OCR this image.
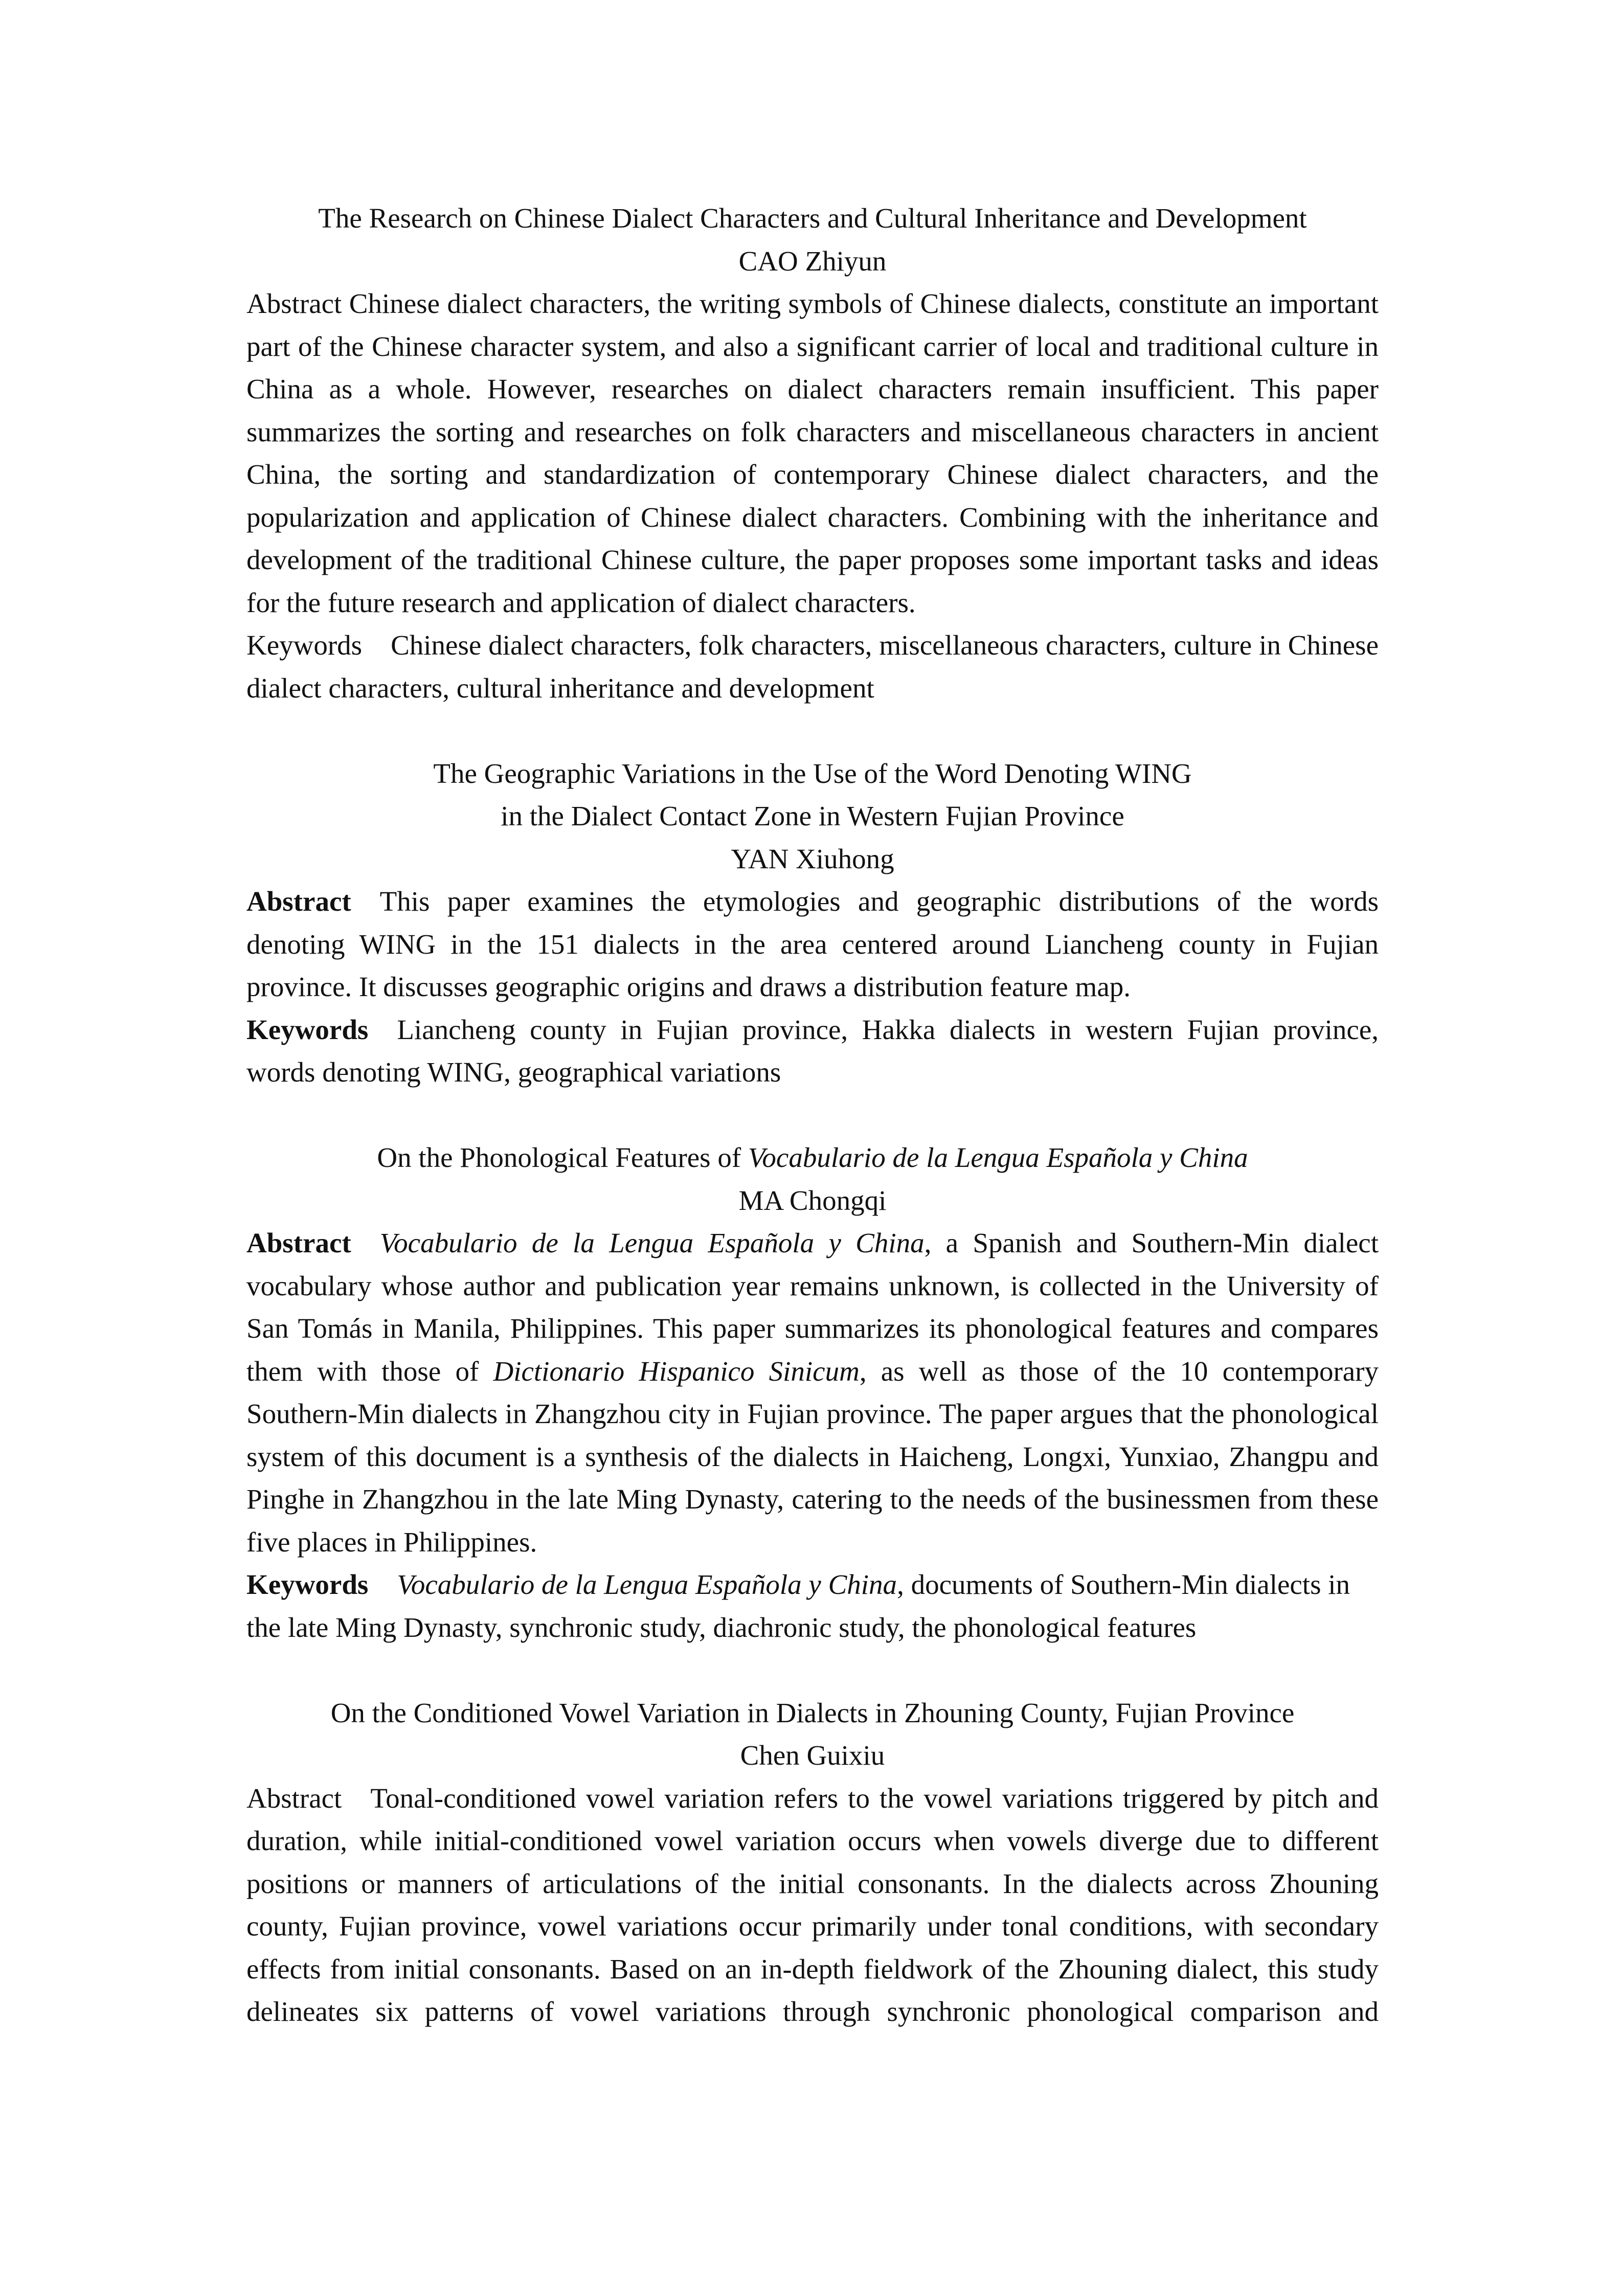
The Research on Chinese Dialect Characters and Cultural Inheritance and Development
CAO Zhiyun
Abstract Chinese dialect characters, the writing symbols of Chinese dialects, constitute an important part of the Chinese character system, and also a significant carrier of local and traditional culture in China as a whole. However, researches on dialect characters remain insufficient. This paper summarizes the sorting and researches on folk characters and miscellaneous characters in ancient China, the sorting and standardization of contemporary Chinese dialect characters, and the popularization and application of Chinese dialect characters. Combining with the inheritance and development of the traditional Chinese culture, the paper proposes some important tasks and ideas for the future research and application of dialect characters.
Keywords Chinese dialect characters, folk characters, miscellaneous characters, culture in Chinese dialect characters, cultural inheritance and development
The Geographic Variations in the Use of the Word Denoting WING
in the Dialect Contact Zone in Western Fujian Province
YAN Xiuhong
Abstract This paper examines the etymologies and geographic distributions of the words denoting WING in the 151 dialects in the area centered around Liancheng county in Fujian province. It discusses geographic origins and draws a distribution feature map.
Keywords Liancheng county in Fujian province, Hakka dialects in western Fujian province, words denoting WING, geographical variations
On the Phonological Features of Vocabulario de la Lengua Española y China
MA Chongqi
Abstract Vocabulario de la Lengua Española y China, a Spanish and Southern-Min dialect vocabulary whose author and publication year remains unknown, is collected in the University of San Tomás in Manila, Philippines. This paper summarizes its phonological features and compares them with those of Dictionario Hispanico Sinicum, as well as those of the 10 contemporary Southern-Min dialects in Zhangzhou city in Fujian province. The paper argues that the phonological system of this document is a synthesis of the dialects in Haicheng, Longxi, Yunxiao, Zhangpu and Pinghe in Zhangzhou in the late Ming Dynasty, catering to the needs of the businessmen from these five places in Philippines.
Keywords Vocabulario de la Lengua Española y China, documents of Southern-Min dialects in
the late Ming Dynasty, synchronic study, diachronic study, the phonological features
On the Conditioned Vowel Variation in Dialects in Zhouning County, Fujian Province
Chen Guixiu
Abstract Tonal-conditioned vowel variation refers to the vowel variations triggered by pitch and duration, while initial-conditioned vowel variation occurs when vowels diverge due to different positions or manners of articulations of the initial consonants. In the dialects across Zhouning county, Fujian province, vowel variations occur primarily under tonal conditions, with secondary effects from initial consonants. Based on an in-depth fieldwork of the Zhouning dialect, this study delineates six patterns of vowel variations through synchronic phonological comparison and
